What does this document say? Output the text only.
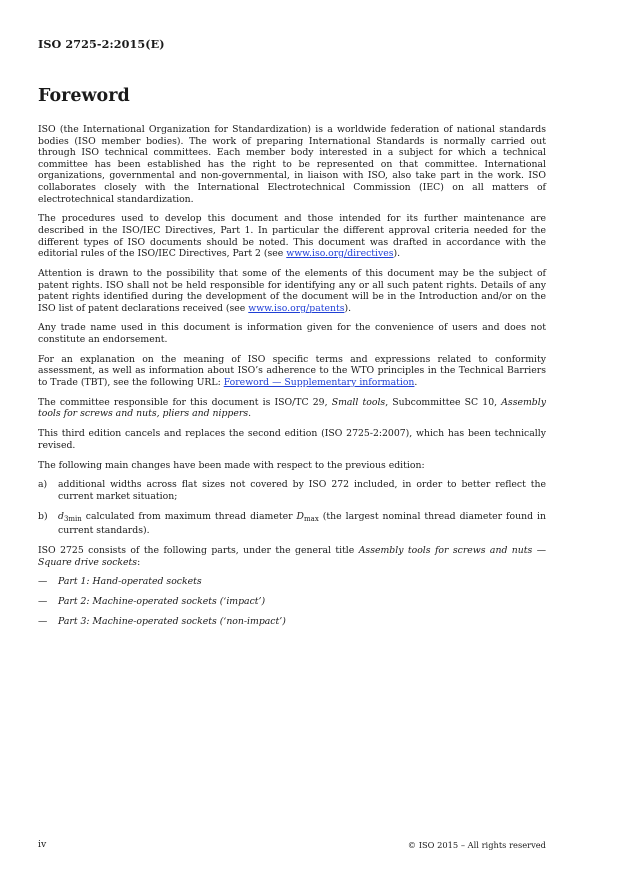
ISO 2725-2:2015(E)
Foreword

ISO (the International Organization for Standardization) is a worldwide federation of national standards bodies (ISO member bodies). The work of preparing International Standards is normally carried out through ISO technical committees. Each member body interested in a subject for which a technical committee has been established has the right to be represented on that committee. International organizations, governmental and non-governmental, in liaison with ISO, also take part in the work. ISO collaborates closely with the International Electrotechnical Commission (IEC) on all matters of electrotechnical standardization.

The procedures used to develop this document and those intended for its further maintenance are described in the ISO/IEC Directives, Part 1. In particular the different approval criteria needed for the different types of ISO documents should be noted. This document was drafted in accordance with the editorial rules of the ISO/IEC Directives, Part 2 (see www.iso.org/directives).

Attention is drawn to the possibility that some of the elements of this document may be the subject of patent rights. ISO shall not be held responsible for identifying any or all such patent rights. Details of any patent rights identified during the development of the document will be in the Introduction and/or on the ISO list of patent declarations received (see www.iso.org/patents).

Any trade name used in this document is information given for the convenience of users and does not constitute an endorsement.

For an explanation on the meaning of ISO specific terms and expressions related to conformity assessment, as well as information about ISO’s adherence to the WTO principles in the Technical Barriers to Trade (TBT), see the following URL: Foreword — Supplementary information.

The committee responsible for this document is ISO/TC 29, Small tools, Subcommittee SC 10, Assembly tools for screws and nuts, pliers and nippers.

This third edition cancels and replaces the second edition (ISO 2725-2:2007), which has been technically revised.

The following main changes have been made with respect to the previous edition:

a)	additional widths across flat sizes not covered by ISO 272 included, in order to better reflect the current market situation;
b)	$d_{3min}$ calculated from maximum thread diameter $D_{max}$ (the largest nominal thread diameter found in current standards).

ISO 2725 consists of the following parts, under the general title Assembly tools for screws and nuts — Square drive sockets:

—	Part 1: Hand-operated sockets
—	Part 2: Machine-operated sockets (‘impact’)
—	Part 3: Machine-operated sockets (‘non-impact’)
iv	© ISO 2015 – All rights reserved
